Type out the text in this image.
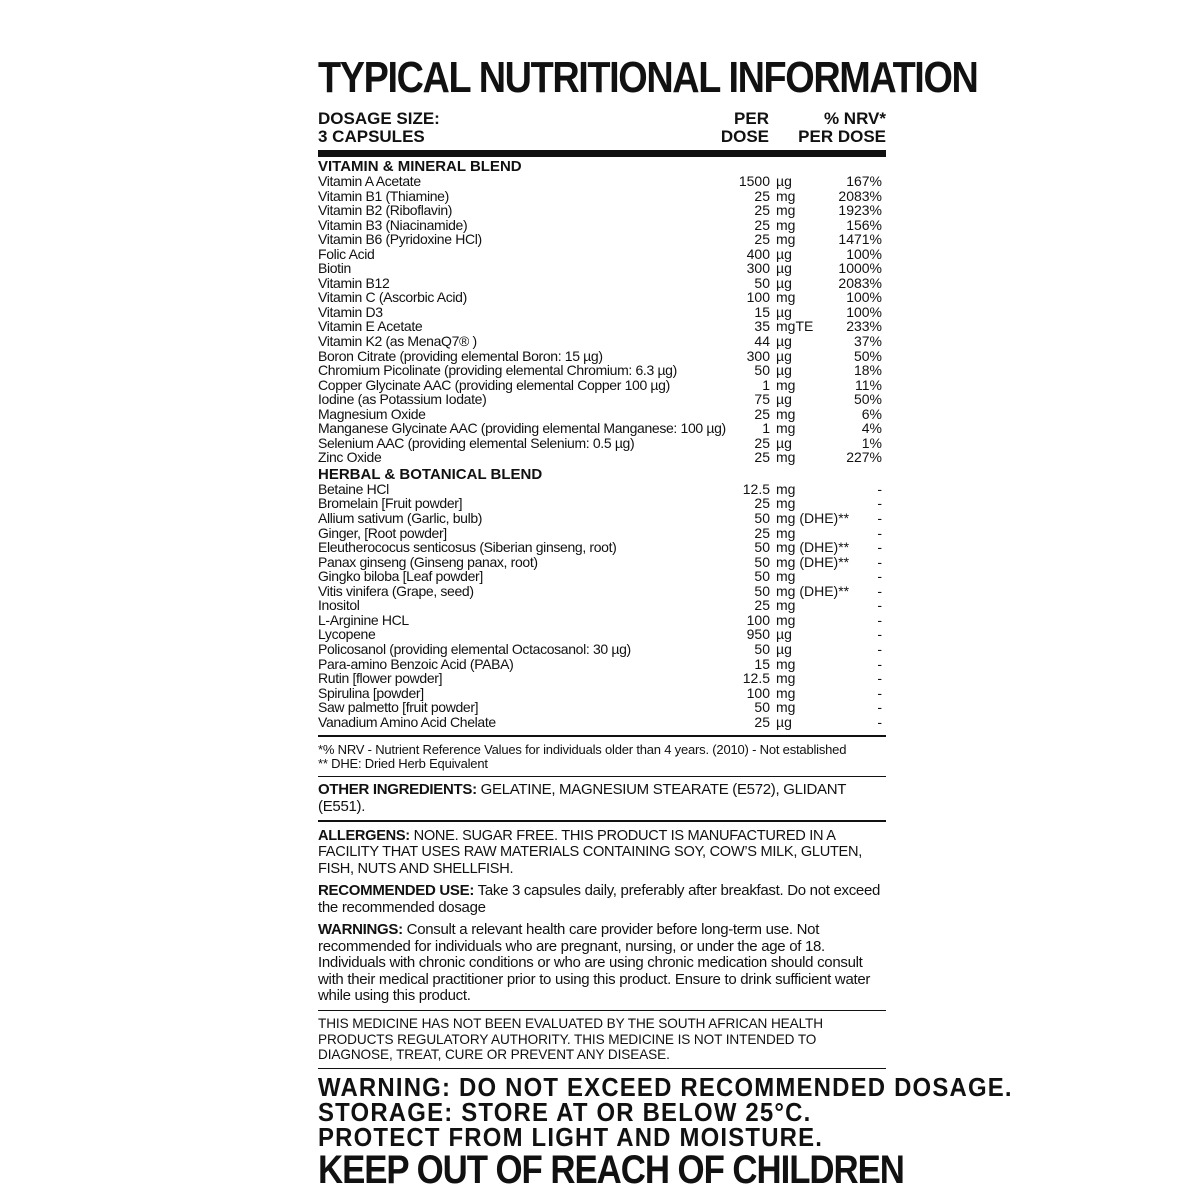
TYPICAL NUTRITIONAL INFORMATION
DOSAGE SIZE:
3 CAPSULES
PER
DOSE
% NRV*
PER DOSE
VITAMIN & MINERAL BLEND
Vitamin A Acetate	1500 µg	167%
Vitamin B1 (Thiamine)	25 mg	2083%
Vitamin B2 (Riboflavin)	25 mg	1923%
Vitamin B3 (Niacinamide)	25 mg	156%
Vitamin B6 (Pyridoxine HCl)	25 mg	1471%
Folic Acid	400 µg	100%
Biotin	300 µg	1000%
Vitamin B12	50 µg	2083%
Vitamin C (Ascorbic Acid)	100 mg	100%
Vitamin D3	15 µg	100%
Vitamin E Acetate	35 mgTE 233%
Vitamin K2 (as MenaQ7® )	44 µg	37%
Boron Citrate (providing elemental Boron: 15 µg)	300 µg	50%
Chromium Picolinate (providing elemental Chromium: 6.3 µg)	50 µg	18%
Copper Glycinate AAC (providing elemental Copper 100 µg)	1 mg	11%
Iodine (as Potassium Iodate)	75 µg	50%
Magnesium Oxide	25 mg	6%
Manganese Glycinate AAC (providing elemental Manganese: 100 µg)	1 mg	4%
Selenium AAC (providing elemental Selenium: 0.5 µg)	25 µg	1%
Zinc Oxide	25 mg	227%
HERBAL & BOTANICAL BLEND
Betaine HCl	12.5 mg	-
Bromelain [Fruit powder]	25 mg	-
Allium sativum (Garlic, bulb)	50 mg (DHE)** -
Ginger, [Root powder]	25 mg	-
Eleutherococus senticosus (Siberian ginseng, root)	50 mg (DHE)** -
Panax ginseng (Ginseng panax, root)	50 mg (DHE)** -
Gingko biloba [Leaf powder]	50 mg	-
Vitis vinifera (Grape, seed)	50 mg (DHE)** -
Inositol	25 mg	-
L-Arginine HCL	100 mg	-
Lycopene	950 µg	-
Policosanol (providing elemental Octacosanol: 30 µg)	50 µg	-
Para-amino Benzoic Acid (PABA)	15 mg	-
Rutin [flower powder]	12.5 mg	-
Spirulina [powder]	100 mg	-
Saw palmetto [fruit powder]	50 mg	-
Vanadium Amino Acid Chelate	25 µg	-
*% NRV - Nutrient Reference Values for individuals older than 4 years. (2010) - Not established
** DHE: Dried Herb Equivalent
OTHER INGREDIENTS: GELATINE, MAGNESIUM STEARATE (E572), GLIDANT (E551).
ALLERGENS: NONE. SUGAR FREE. THIS PRODUCT IS MANUFACTURED IN A FACILITY THAT USES RAW MATERIALS CONTAINING SOY, COW’S MILK, GLUTEN, FISH, NUTS AND SHELLFISH.
RECOMMENDED USE: Take 3 capsules daily, preferably after breakfast. Do not exceed the recommended dosage
WARNINGS: Consult a relevant health care provider before long-term use. Not recommended for individuals who are pregnant, nursing, or under the age of 18. Individuals with chronic conditions or who are using chronic medication should consult with their medical practitioner prior to using this product. Ensure to drink sufficient water while using this product.
THIS MEDICINE HAS NOT BEEN EVALUATED BY THE SOUTH AFRICAN HEALTH PRODUCTS REGULATORY AUTHORITY. THIS MEDICINE IS NOT INTENDED TO DIAGNOSE, TREAT, CURE OR PREVENT ANY DISEASE.
WARNING: DO NOT EXCEED RECOMMENDED DOSAGE.
STORAGE: STORE AT OR BELOW 25°C.
PROTECT FROM LIGHT AND MOISTURE.
KEEP OUT OF REACH OF CHILDREN
